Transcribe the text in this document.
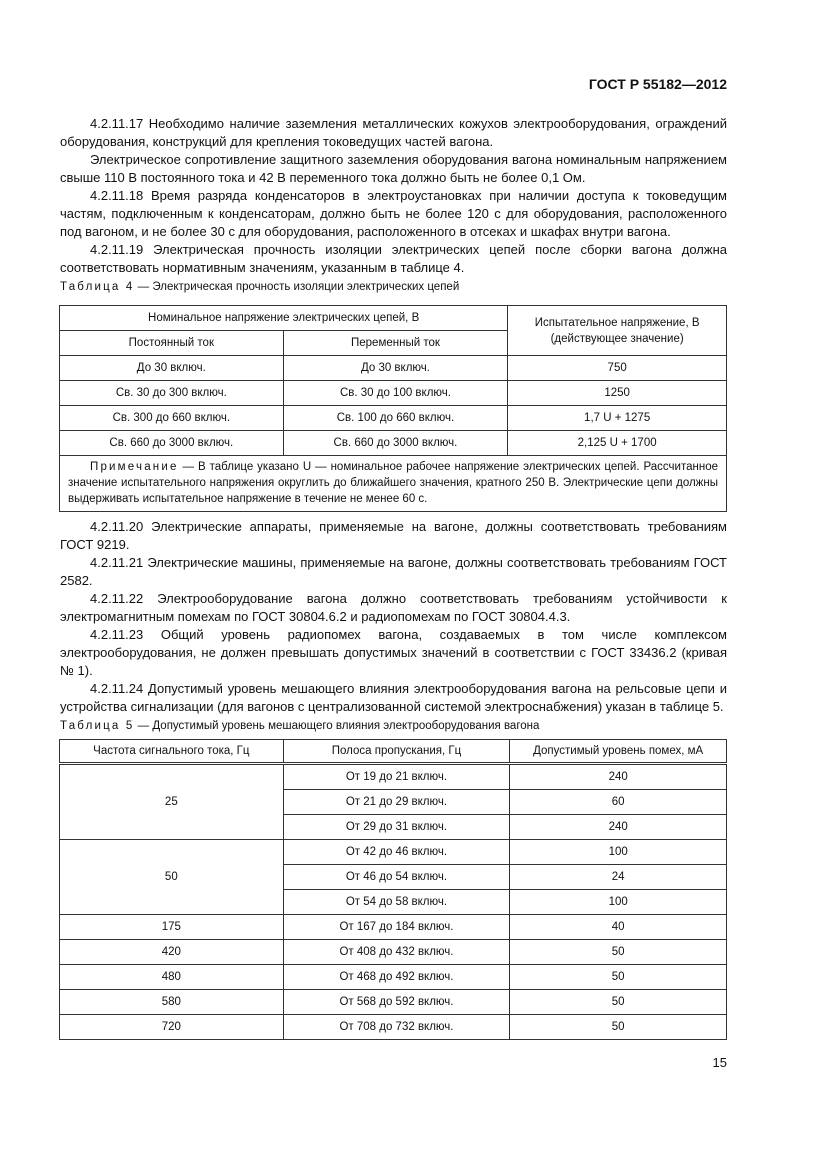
ГОСТ Р 55182—2012

4.2.11.17 Необходимо наличие заземления металлических кожухов электрооборудования, ограждений оборудования, конструкций для крепления токоведущих частей вагона.

Электрическое сопротивление защитного заземления оборудования вагона номинальным напряжением свыше 110 В постоянного тока и 42 В переменного тока должно быть не более 0,1 Ом.

4.2.11.18 Время разряда конденсаторов в электроустановках при наличии доступа к токоведущим частям, подключенным к конденсаторам, должно быть не более 120 с для оборудования, расположенного под вагоном, и не более 30 с для оборудования, расположенного в отсеках и шкафах внутри вагона.

4.2.11.19 Электрическая прочность изоляции электрических цепей после сборки вагона должна соответствовать нормативным значениям, указанным в таблице 4.

Таблица 4 — Электрическая прочность изоляции электрических цепей
Номинальное напряжение электрических цепей, В		Испытательное напряжение, В (действующее значение)
Постоянный ток	Переменный ток	
До 30 включ.	До 30 включ.	750
Св. 30 до 300 включ.	Св. 30 до 100 включ.	1250
Св. 300 до 660 включ.	Св. 100 до 660 включ.	1,7 U + 1275
Св. 660 до 3000 включ.	Св. 660 до 3000 включ.	2,125 U + 1700
Примечание — В таблице указано U — номинальное рабочее напряжение электрических цепей. Рассчитанное значение испытательного напряжения округлить до ближайшего значения, кратного 250 В. Электрические цепи должны выдерживать испытательное напряжение в течение не менее 60 с.		

4.2.11.20 Электрические аппараты, применяемые на вагоне, должны соответствовать требованиям ГОСТ 9219.

4.2.11.21 Электрические машины, применяемые на вагоне, должны соответствовать требованиям ГОСТ 2582.

4.2.11.22 Электрооборудование вагона должно соответствовать требованиям устойчивости к электромагнитным помехам по ГОСТ 30804.6.2 и радиопомехам по ГОСТ 30804.4.3.

4.2.11.23 Общий уровень радиопомех вагона, создаваемых в том числе комплексом электрооборудования, не должен превышать допустимых значений в соответствии с ГОСТ 33436.2 (кривая № 1).

4.2.11.24 Допустимый уровень мешающего влияния электрооборудования вагона на рельсовые цепи и устройства сигнализации (для вагонов с централизованной системой электроснабжения) указан в таблице 5.

Таблица 5 — Допустимый уровень мешающего влияния электрооборудования вагона
Частота сигнального тока, Гц	Полоса пропускания, Гц	Допустимый уровень помех, мА
25	От 19 до 21 включ.	240
	От 21 до 29 включ.	60
	От 29 до 31 включ.	240
50	От 42 до 46 включ.	100
	От 46 до 54 включ.	24
	От 54 до 58 включ.	100
175	От 167 до 184 включ.	40
420	От 408 до 432 включ.	50
480	От 468 до 492 включ.	50
580	От 568 до 592 включ.	50
720	От 708 до 732 включ.	50
15
